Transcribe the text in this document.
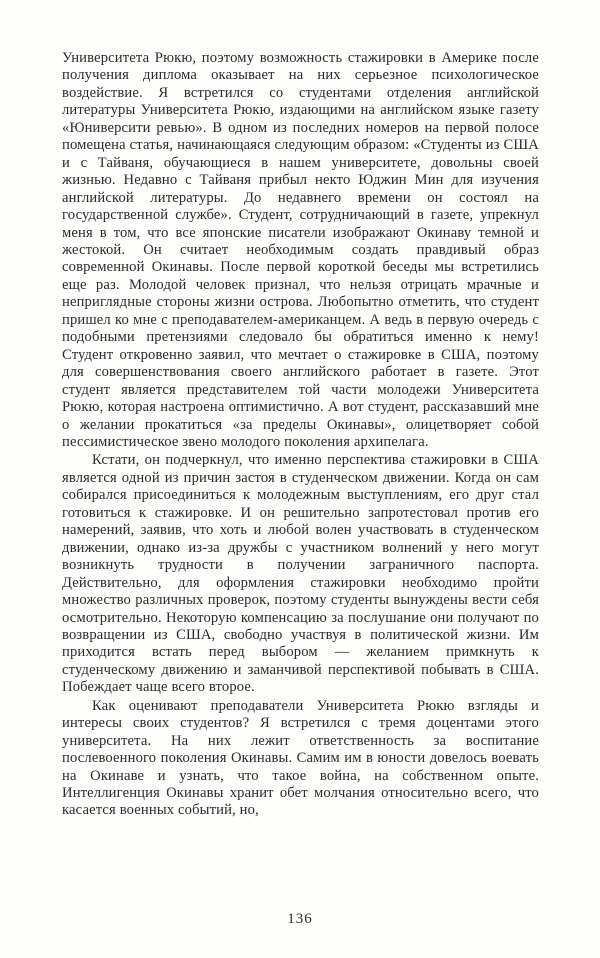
Университета Рюкю, поэтому возможность стажировки в Америке после получения диплома оказывает на них серьезное психологическое воздействие. Я встретился со студентами отделения английской литературы Университета Рюкю, издающими на английском языке газету «Юниверсити ревью». В одном из последних номеров на первой полосе помещена статья, начинающаяся следующим образом: «Студенты из США и с Тайваня, обучающиеся в нашем университете, довольны своей жизнью. Недавно с Тайваня прибыл некто Юджин Мин для изучения английской литературы. До недавнего времени он состоял на государственной службе». Студент, сотрудничающий в газете, упрекнул меня в том, что все японские писатели изображают Окинаву темной и жестокой. Он считает необходимым создать правдивый образ современной Окинавы. После первой короткой беседы мы встретились еще раз. Молодой человек признал, что нельзя отрицать мрачные и неприглядные стороны жизни острова. Любопытно отметить, что студент пришел ко мне с преподавателем-американцем. А ведь в первую очередь с подобными претензиями следовало бы обратиться именно к нему! Студент откровенно заявил, что мечтает о стажировке в США, поэтому для совершенствования своего английского работает в газете. Этот студент является представителем той части молодежи Университета Рюкю, которая настроена оптимистично. А вот студент, рассказавший мне о желании прокатиться «за пределы Окинавы», олицетворяет собой пессимистическое звено молодого поколения архипелага.

Кстати, он подчеркнул, что именно перспектива стажировки в США является одной из причин застоя в студенческом движении. Когда он сам собирался присоединиться к молодежным выступлениям, его друг стал готовиться к стажировке. И он решительно запротестовал против его намерений, заявив, что хоть и любой волен участвовать в студенческом движении, однако из-за дружбы с участником волнений у него могут возникнуть трудности в получении заграничного паспорта. Действительно, для оформления стажировки необходимо пройти множество различных проверок, поэтому студенты вынуждены вести себя осмотрительно. Некоторую компенсацию за послушание они получают по возвращении из США, свободно участвуя в политической жизни. Им приходится встать перед выбором — желанием примкнуть к студенческому движению и заманчивой перспективой побывать в США. Побеждает чаще всего второе.

Как оценивают преподаватели Университета Рюкю взгляды и интересы своих студентов? Я встретился с тремя доцентами этого университета. На них лежит ответственность за воспитание послевоенного поколения Окинавы. Самим им в юности довелось воевать на Окинаве и узнать, что такое война, на собственном опыте. Интеллигенция Окинавы хранит обет молчания относительно всего, что касается военных событий, но,

136
